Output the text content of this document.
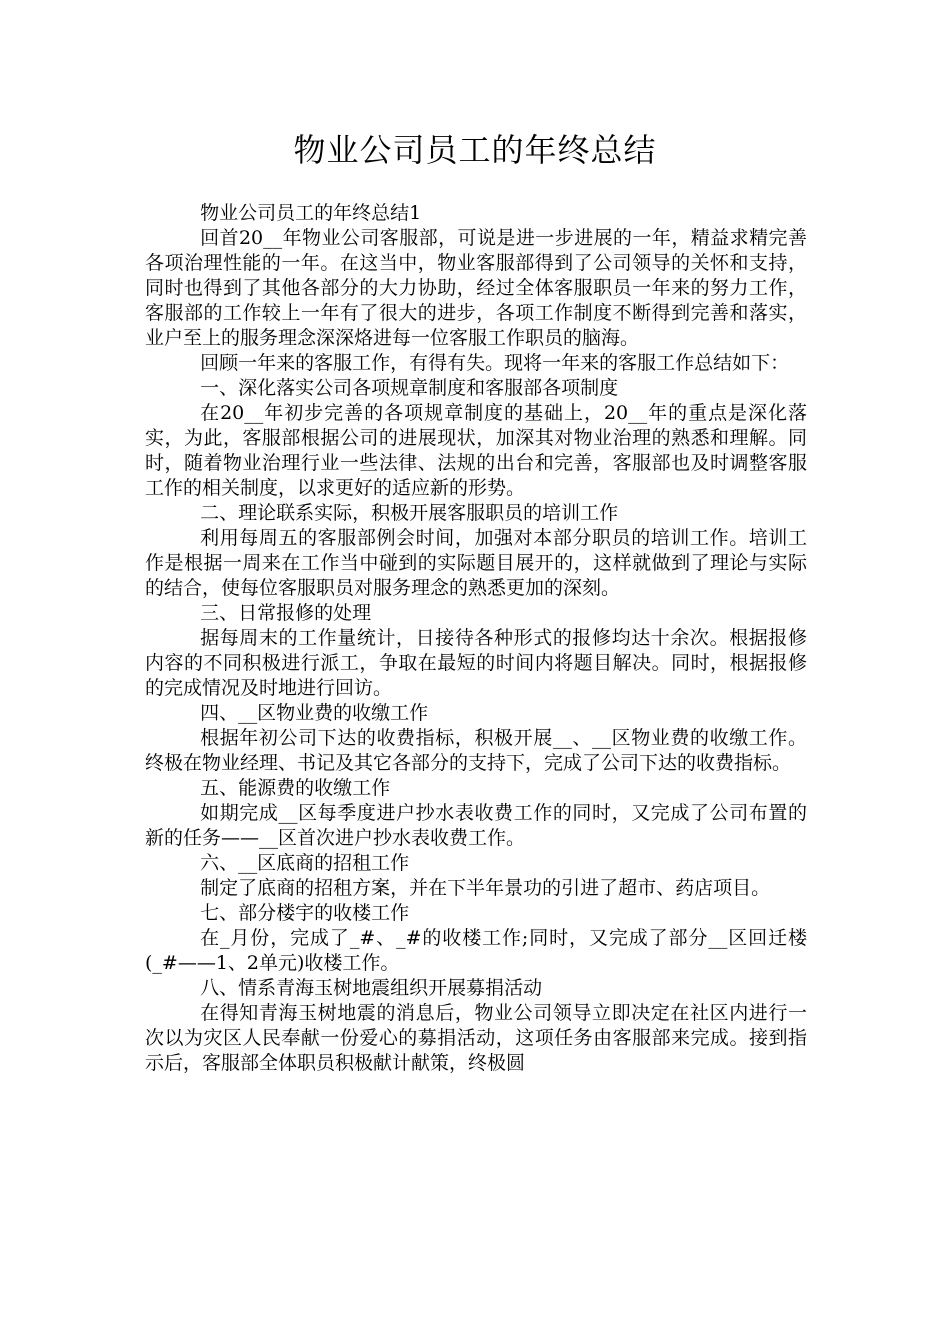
物业公司员工的年终总结

物业公司员工的年终总结1

回首20__年物业公司客服部，可说是进一步进展的一年，精益求精完善各项治理性能的一年。在这当中，物业客服部得到了公司领导的关怀和支持，同时也得到了其他各部分的大力协助，经过全体客服职员一年来的努力工作，客服部的工作较上一年有了很大的进步，各项工作制度不断得到完善和落实，业户至上的服务理念深深烙进每一位客服工作职员的脑海。

回顾一年来的客服工作，有得有失。现将一年来的客服工作总结如下：

一、深化落实公司各项规章制度和客服部各项制度

在20__年初步完善的各项规章制度的基础上，20__年的重点是深化落实，为此，客服部根据公司的进展现状，加深其对物业治理的熟悉和理解。同时，随着物业治理行业一些法律、法规的出台和完善，客服部也及时调整客服工作的相关制度，以求更好的适应新的形势。

二、理论联系实际，积极开展客服职员的培训工作

利用每周五的客服部例会时间，加强对本部分职员的培训工作。培训工作是根据一周来在工作当中碰到的实际题目展开的，这样就做到了理论与实际的结合，使每位客服职员对服务理念的熟悉更加的深刻。

三、日常报修的处理

据每周末的工作量统计，日接待各种形式的报修均达十余次。根据报修内容的不同积极进行派工，争取在最短的时间内将题目解决。同时，根据报修的完成情况及时地进行回访。

四、__区物业费的收缴工作

根据年初公司下达的收费指标，积极开展__、__区物业费的收缴工作。终极在物业经理、书记及其它各部分的支持下，完成了公司下达的收费指标。

五、能源费的收缴工作

如期完成__区每季度进户抄水表收费工作的同时，又完成了公司布置的新的任务——__区首次进户抄水表收费工作。

六、__区底商的招租工作

制定了底商的招租方案，并在下半年景功的引进了超市、药店项目。

七、部分楼宇的收楼工作

在_月份，完成了_#、_#的收楼工作;同时，又完成了部分__区回迁楼(_#——1、2单元)收楼工作。

八、情系青海玉树地震组织开展募捐活动

在得知青海玉树地震的消息后，物业公司领导立即决定在社区内进行一次以为灾区人民奉献一份爱心的募捐活动，这项任务由客服部来完成。接到指示后，客服部全体职员积极献计献策，终极圆
